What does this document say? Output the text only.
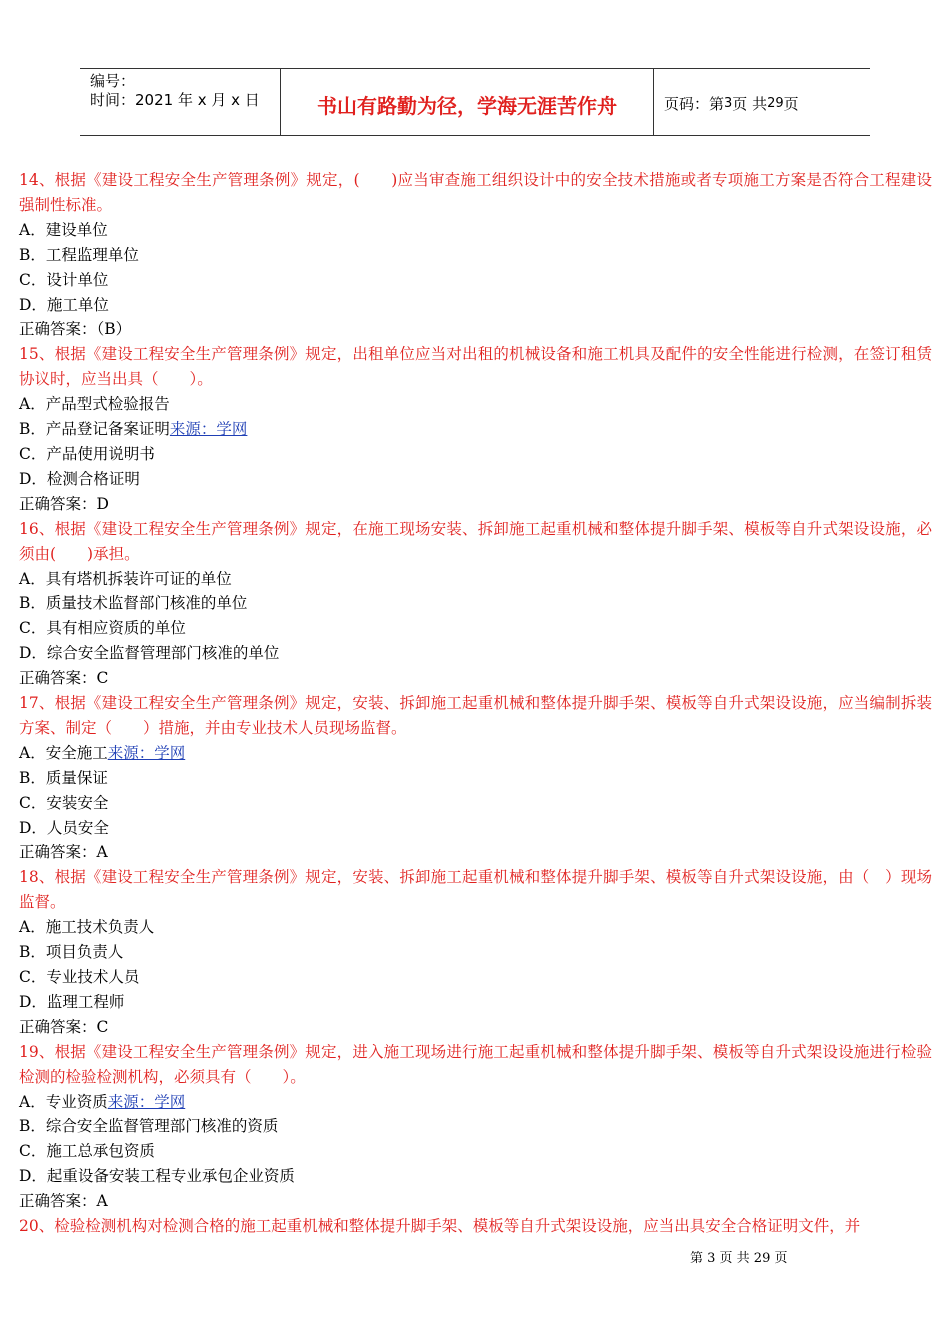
编号：
时间：2021 年 x 月 x 日	书山有路勤为径，学海无涯苦作舟	页码：第 3 页 共 29 页
14、根据《建设工程安全生产管理条例》规定，(　　)应当审查施工组织设计中的安全技术措施或者专项施工方案是否符合工程建设强制性标准。
A．建设单位
B．工程监理单位
C．设计单位
D．施工单位
正确答案：（B）
15、根据《建设工程安全生产管理条例》规定，出租单位应当对出租的机械设备和施工机具及配件的安全性能进行检测，在签订租赁协议时，应当出具（　　）。
A．产品型式检验报告
B．产品登记备案证明来源：学网
C．产品使用说明书
D．检测合格证明
正确答案：D
16、根据《建设工程安全生产管理条例》规定，在施工现场安装、拆卸施工起重机械和整体提升脚手架、模板等自升式架设设施，必须由(　　)承担。
A．具有塔机拆装许可证的单位
B．质量技术监督部门核准的单位
C．具有相应资质的单位
D．综合安全监督管理部门核准的单位
正确答案：C
17、根据《建设工程安全生产管理条例》规定，安装、拆卸施工起重机械和整体提升脚手架、模板等自升式架设设施，应当编制拆装方案、制定（　　）措施，并由专业技术人员现场监督。
A．安全施工来源：学网
B．质量保证
C．安装安全
D．人员安全
正确答案：A
18、根据《建设工程安全生产管理条例》规定，安装、拆卸施工起重机械和整体提升脚手架、模板等自升式架设设施，由（　）现场监督。
A．施工技术负责人
B．项目负责人
C．专业技术人员
D．监理工程师
正确答案：C
19、根据《建设工程安全生产管理条例》规定，进入施工现场进行施工起重机械和整体提升脚手架、模板等自升式架设设施进行检验检测的检验检测机构，必须具有（　　）。
A．专业资质来源：学网
B．综合安全监督管理部门核准的资质
C．施工总承包资质
D．起重设备安装工程专业承包企业资质
正确答案：A
20、检验检测机构对检测合格的施工起重机械和整体提升脚手架、模板等自升式架设设施，应当出具安全合格证明文件，并
第 3 页 共 29 页
